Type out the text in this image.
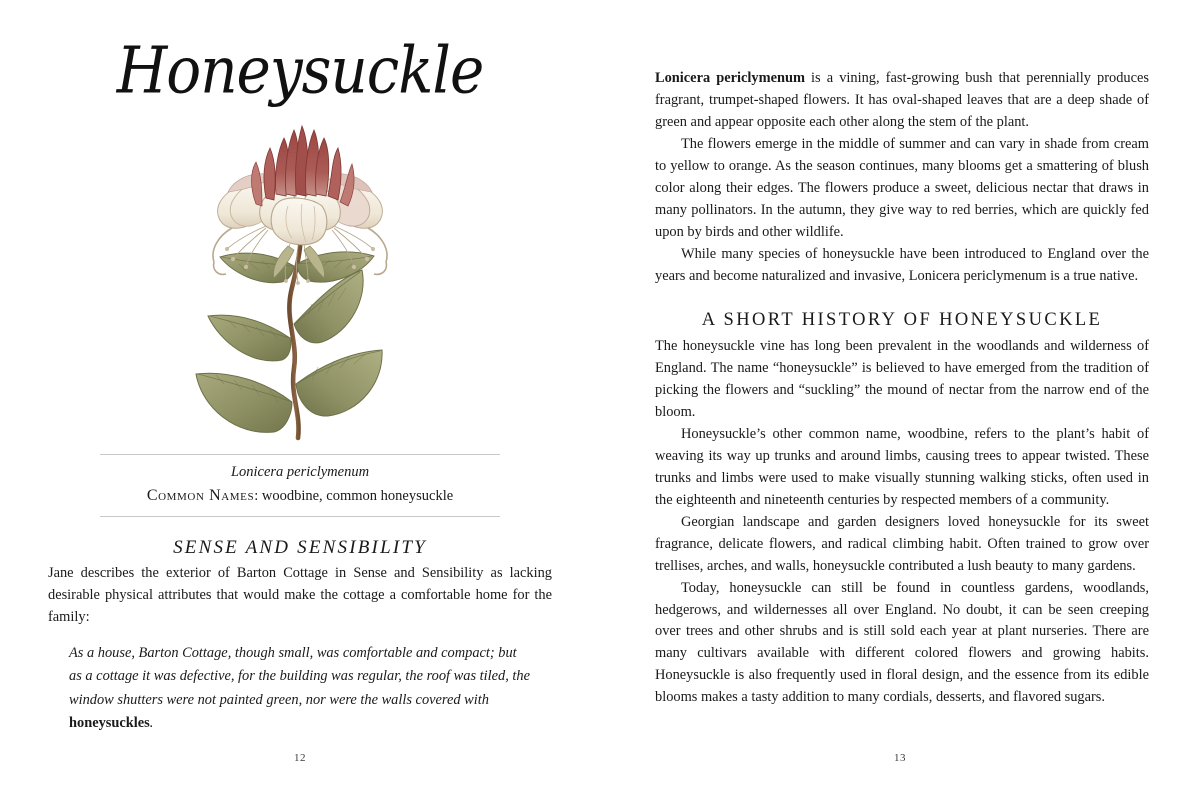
Honeysuckle
Lonicera periclymenum
Common Names: woodbine, common honeysuckle
SENSE AND SENSIBILITY
Jane describes the exterior of Barton Cottage in Sense and Sensibility as lacking desirable physical attributes that would make the cottage a comfortable home for the family:
As a house, Barton Cottage, though small, was comfortable and compact; but as a cottage it was defective, for the building was regular, the roof was tiled, the window shutters were not painted green, nor were the walls covered with honeysuckles.
12

Lonicera periclymenum is a vining, fast-growing bush that perennially produces fragrant, trumpet-shaped flowers. It has oval-shaped leaves that are a deep shade of green and appear opposite each other along the stem of the plant.

The flowers emerge in the middle of summer and can vary in shade from cream to yellow to orange. As the season continues, many blooms get a smattering of blush color along their edges. The flowers produce a sweet, delicious nectar that draws in many pollinators. In the autumn, they give way to red berries, which are quickly fed upon by birds and other wildlife.

While many species of honeysuckle have been introduced to England over the years and become naturalized and invasive, Lonicera periclymenum is a true native.

A SHORT HISTORY OF HONEYSUCKLE

The honeysuckle vine has long been prevalent in the woodlands and wilderness of England. The name “honeysuckle” is believed to have emerged from the tradition of picking the flowers and “suckling” the mound of nectar from the narrow end of the bloom.

Honeysuckle’s other common name, woodbine, refers to the plant’s habit of weaving its way up trunks and around limbs, causing trees to appear twisted. These trunks and limbs were used to make visually stunning walking sticks, often used in the eighteenth and nineteenth centuries by respected members of a community.

Georgian landscape and garden designers loved honeysuckle for its sweet fragrance, delicate flowers, and radical climbing habit. Often trained to grow over trellises, arches, and walls, honeysuckle contributed a lush beauty to many gardens.

Today, honeysuckle can still be found in countless gardens, woodlands, hedgerows, and wildernesses all over England. No doubt, it can be seen creeping over trees and other shrubs and is still sold each year at plant nurseries. There are many cultivars available with different colored flowers and growing habits. Honeysuckle is also frequently used in floral design, and the essence from its edible blooms makes a tasty addition to many cordials, desserts, and flavored sugars.

13
